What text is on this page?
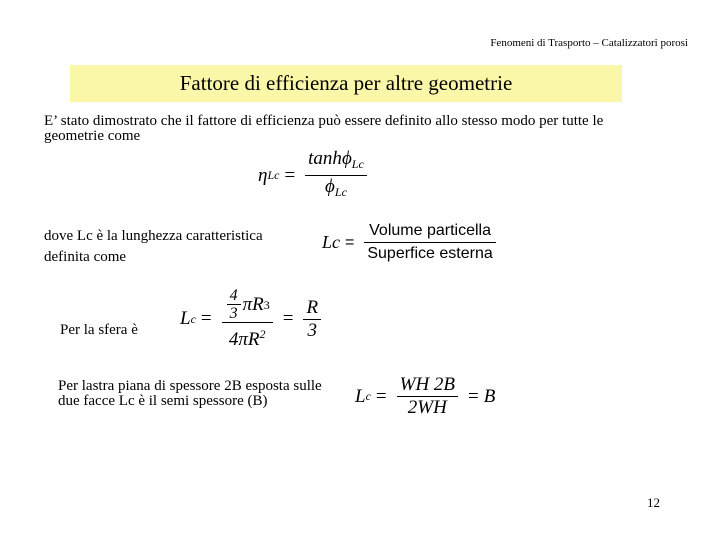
Fenomeni di Trasporto – Catalizzatori porosi
Fattore di efficienza per altre geometrie

E’ stato dimostrato che il fattore di efficienza può essere definito allo stesso modo per tutte le geometrie come

η $Lc = \frac{\tanh\phi_{Lc}}{\phi_{Lc}}$

dove Lc è la lunghezza caratteristica definita come

L $c = \frac{\text{Volume particella}}{\text{Superfice esterna}}$

Per la sfera è

L $c = \frac{\frac{4}{3} \pi R 3}{4\pi R^2} = \frac{R}{3}$

Per lastra piana di spessore 2B esposta sulle due facce Lc è il semi spessore (B)	L $c = \frac{WH 2B}{2WH} = B$
12
